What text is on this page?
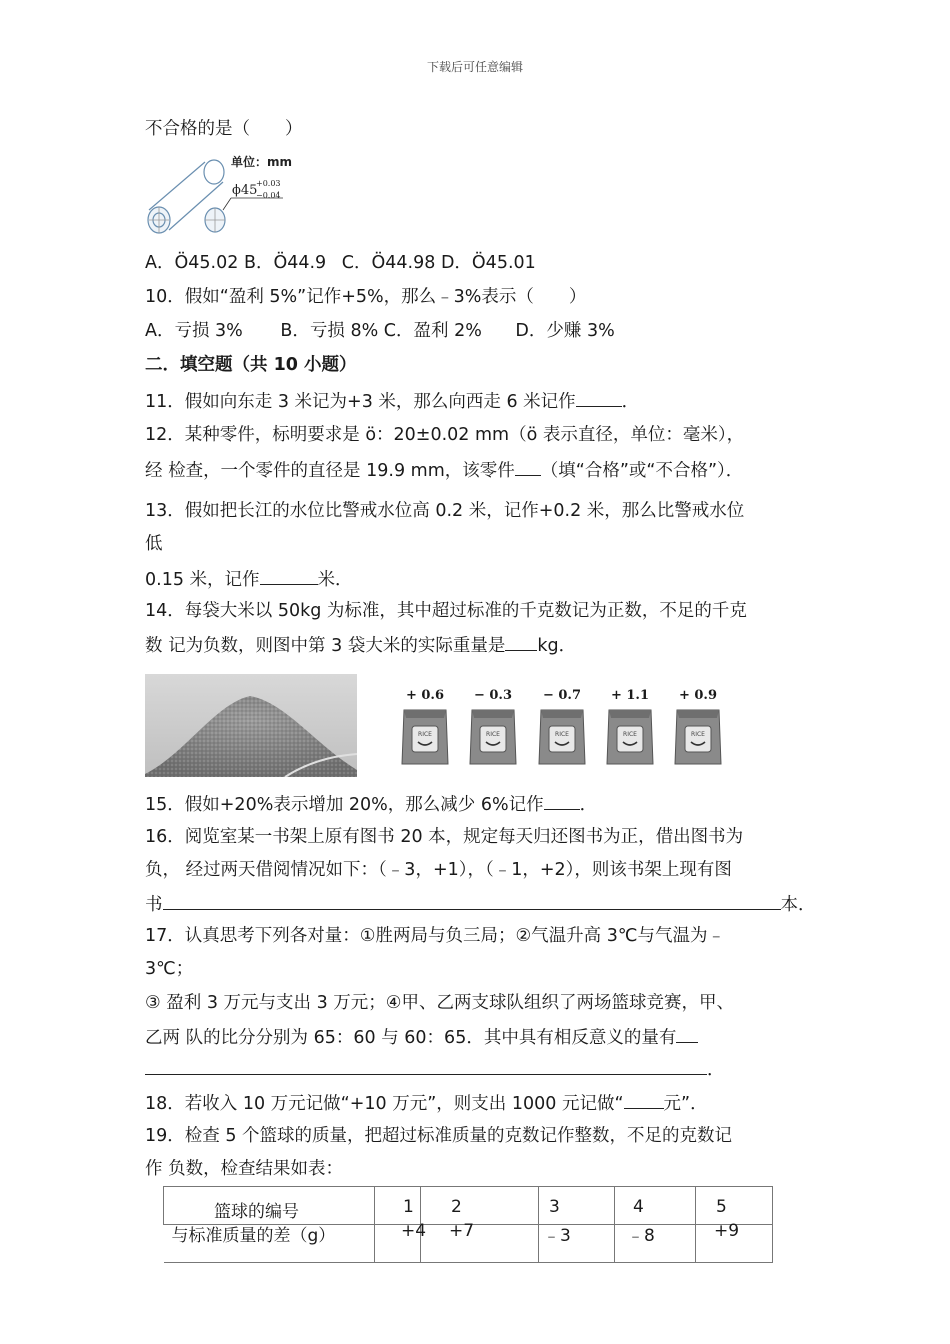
下载后可任意编辑
不合格的是（　　）
单位：mm
ϕ45
+0.03
−0.04
A．Ö45.02 B．Ö44.9 C．Ö44.98 D．Ö45.01
10．假如“盈利 5%”记作+5%，那么﹣3%表示（　　）
A．亏损 3% B．亏损 8% C．盈利 2% D．少赚 3%
二．填空题（共 10 小题）
11．假如向东走 3 米记为+3 米，那么向西走 6 米记作	．
12．某种零件，标明要求是 ö：20±0.02 mm（ö 表示直径，单位：毫米），
经 检查，一个零件的直径是 19.9 mm，该零件 （填“合格”或“不合格”）．
13．假如把长江的水位比警戒水位高 0.2 米，记作+0.2 米，那么比警戒水位
低
0.15 米，记作	米．
14．每袋大米以 50kg 为标准，其中超过标准的千克数记为正数，不足的千克
数 记为负数，则图中第 3 袋大米的实际重量是 kg．
+ 0.6
RICE
− 0.3
RICE
− 0.7
RICE
+ 1.1
RICE
+ 0.9
RICE
15．假如+20%表示增加 20%，那么减少 6%记作 ．
16．阅览室某一书架上原有图书 20 本，规定每天归还图书为正，借出图书为
负， 经过两天借阅情况如下：（﹣3，+1），（﹣1，+2），则该书架上现有图
书	本．
17．认真思考下列各对量：①胜两局与负三局；②气温升高 3℃与气温为﹣
3℃；
③ 盈利 3 万元与支出 3 万元；④甲、乙两支球队组织了两场篮球竞赛，甲、
乙两 队的比分分别为 65：60 与 60：65．其中具有相反意义的量有
．
18．若收入 10 万元记做“+10 万元”，则支出 1000 元记做“ 元”．
19．检查 5 个篮球的质量，把超过标准质量的克数记作整数，不足的克数记
作 负数，检查结果如表：
篮球的编号	1	2	3	4	5

与标准质量的差（g）	+4	+7	﹣3	﹣8	+9
